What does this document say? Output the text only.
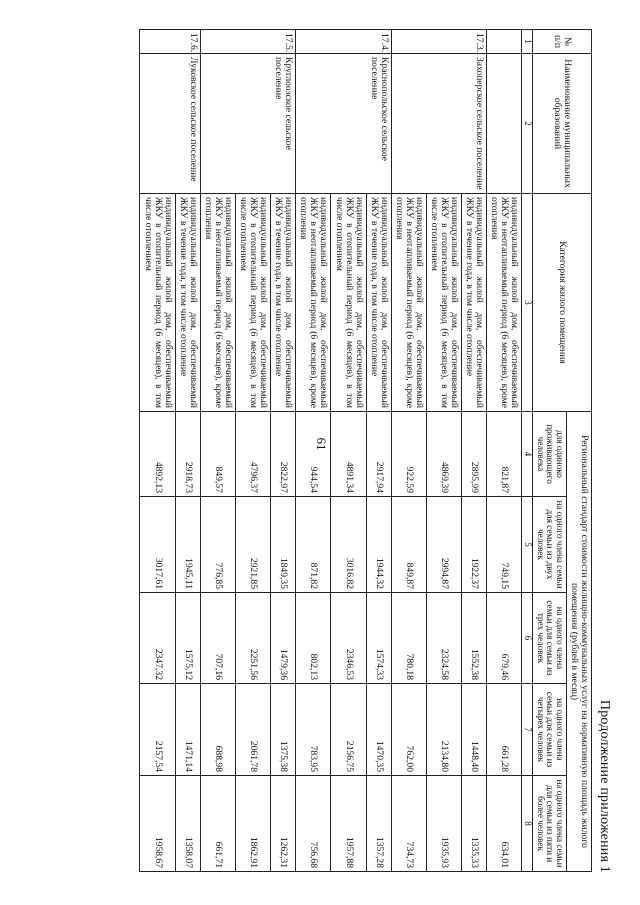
61
Продолжение приложения 1
№ п/п	Наименование муниципальных образований	Категория жилого помещения	Региональный стандарт стоимости жилищно-коммунальных услуг на нормативную площадь жилого помещения (рублей в месяц)				
			для одиноко проживающего человека	на одного члена семьи для семьи из двух человек	на одного члена семьи для семьи из трех человек	на одного члена семьи для семьи из четырех человек	на одного члена семьи для семьи из пяти и более человек
1	2	3	4	5	6	7	8
		индивидуальный жилой дом, обеспечиваемый ЖКУ в неотапливаемый период (6 месяцев), кроме отопления	821,87	749,15	679,46	661,28	634,01
17.3.	Захоперское сельское поселение	индивидуальный жилой дом, обеспечиваемый ЖКУ в течение года, в том числе отопление	2895,99	1922,37	1552,38	1448,40	1335,33
		индивидуальный жилой дом, обеспечиваемый ЖКУ в отопительный период (6 месяцев), в том числе отоплением	4869,39	2994,87	2324,58	2134,80	1935,93
		индивидуальный жилой дом, обеспечиваемый ЖКУ в неотапливаемый период (6 месяцев), кроме отопления	922,59	849,87	780,18	762,00	734,73
17.4.	Краснопольское сельское поселение	индивидуальный жилой дом, обеспечиваемый ЖКУ в течение года, в том числе отопление	2917,94	1944,32	1574,33	1470,35	1357,28
		индивидуальный жилой дом, обеспечиваемый ЖКУ в отопительный период (6 месяцев), в том числе отоплением	4891,34	3016,82	2346,53	2156,75	1957,88
		индивидуальный жилой дом, обеспечиваемый ЖКУ в неотапливаемый период (6 месяцев), кроме отопления	944,54	871,82	802,13	783,95	756,68
17.5.	Круглоозское сельское поселение	индивидуальный жилой дом, обеспечиваемый ЖКУ в течение года, в том числе отопление	2822,97	1849,35	1479,36	1375,38	1262,31
		индивидуальный жилой дом, обеспечиваемый ЖКУ в отопительный период (6 месяцев), в том числе отоплением	4796,37	2921,85	2251,56	2061,78	1862,91
		индивидуальный жилой дом, обеспечиваемый ЖКУ в неотапливаемый период (6 месяцев), кроме отопления	849,57	776,85	707,16	688,98	661,71
17.6.	Луковское сельское поселение	индивидуальный жилой дом, обеспечиваемый ЖКУ в течение года, в том числе отопление	2918,73	1945,11	1575,12	1471,14	1358,07
		индивидуальный жилой дом, обеспечиваемый ЖКУ в отопительный период (6 месяцев), в том числе отоплением	4892,13	3017,61	2347,32	2157,54	1958,67
